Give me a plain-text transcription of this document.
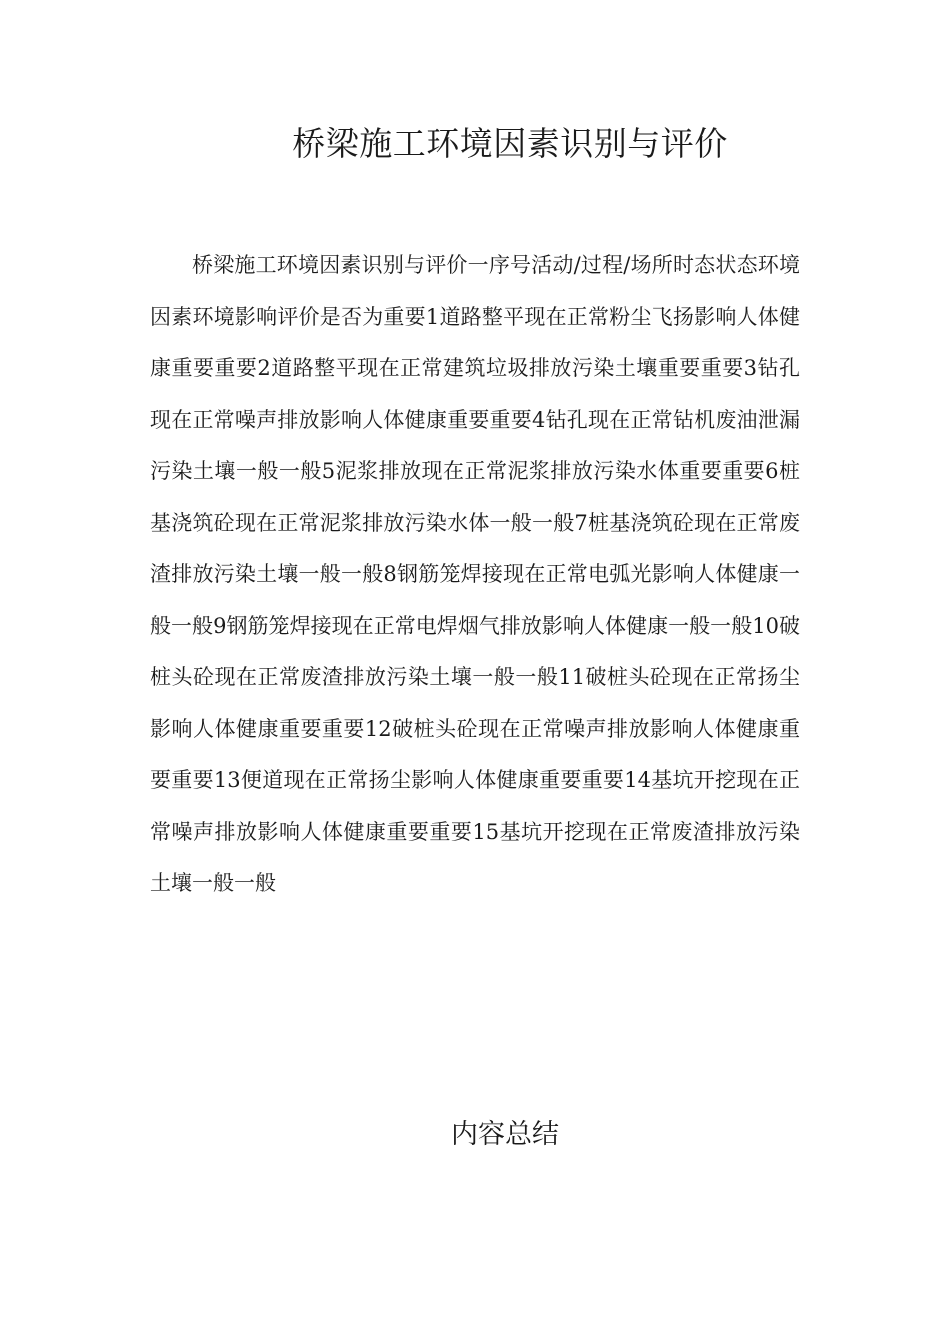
桥梁施工环境因素识别与评价

桥梁施工环境因素识别与评价一序号活动/过程/场所时态状态环境因素环境影响评价是否为重要1道路整平现在正常粉尘飞扬影响人体健康重要重要2道路整平现在正常建筑垃圾排放污染土壤重要重要3钻孔现在正常噪声排放影响人体健康重要重要4钻孔现在正常钻机废油泄漏污染土壤一般一般5泥浆排放现在正常泥浆排放污染水体重要重要6桩基浇筑砼现在正常泥浆排放污染水体一般一般7桩基浇筑砼现在正常废渣排放污染土壤一般一般8钢筋笼焊接现在正常电弧光影响人体健康一般一般9钢筋笼焊接现在正常电焊烟气排放影响人体健康一般一般10破桩头砼现在正常废渣排放污染土壤一般一般11破桩头砼现在正常扬尘影响人体健康重要重要12破桩头砼现在正常噪声排放影响人体健康重要重要13便道现在正常扬尘影响人体健康重要重要14基坑开挖现在正常噪声排放影响人体健康重要重要15基坑开挖现在正常废渣排放污染土壤一般一般

内容总结
